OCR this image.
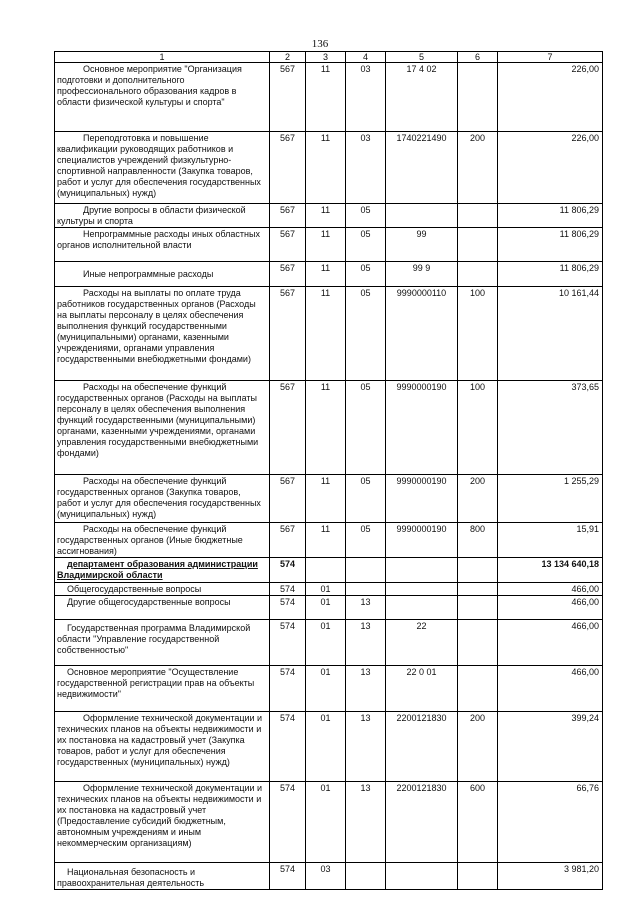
136
1	2	3	4	5	6	7
Основное мероприятие "Организация подготовки и дополнительного профессионального образования кадров в области физической культуры и спорта"	567	11	03	17 4 02		226,00
Переподготовка и повышение квалификации руководящих работников и специалистов учреждений физкультурно-спортивной направленности (Закупка товаров, работ и услуг для обеспечения государственных (муниципальных) нужд)	567	11	03	1740221490	200	226,00
Другие вопросы в области физической культуры и спорта	567	11	05			11 806,29
Непрограммные расходы иных областных органов исполнительной власти	567	11	05	99		11 806,29
Иные непрограммные расходы	567	11	05	99 9		11 806,29
Расходы на выплаты по оплате труда работников государственных органов (Расходы на выплаты персоналу в целях обеспечения выполнения функций государственными (муниципальными) органами, казенными учреждениями, органами управления государственными внебюджетными фондами)	567	11	05	9990000110	100	10 161,44
Расходы на обеспечение функций государственных органов (Расходы на выплаты персоналу в целях обеспечения выполнения функций государственными (муниципальными) органами, казенными учреждениями, органами управления государственными внебюджетными фондами)	567	11	05	9990000190	100	373,65
Расходы на обеспечение функций государственных органов (Закупка товаров, работ и услуг для обеспечения государственных (муниципальных) нужд)	567	11	05	9990000190	200	1 255,29
Расходы на обеспечение функций государственных органов (Иные бюджетные ассигнования)	567	11	05	9990000190	800	15,91
департамент образования администрации Владимирской области	574					13 134 640,18
Общегосударственные вопросы	574	01				466,00
Другие общегосударственные вопросы	574	01	13			466,00
Государственная программа Владимирской области "Управление государственной собственностью"	574	01	13	22		466,00
Основное мероприятие "Осуществление государственной регистрации прав на объекты недвижимости"	574	01	13	22 0 01		466,00
Оформление технической документации и технических планов на объекты недвижимости и их постановка на кадастровый учет (Закупка товаров, работ и услуг для обеспечения государственных (муниципальных) нужд)	574	01	13	2200121830	200	399,24
Оформление технической документации и технических планов на объекты недвижимости и их постановка на кадастровый учет (Предоставление субсидий бюджетным, автономным учреждениям и иным некоммерческим организациям)	574	01	13	2200121830	600	66,76
Национальная безопасность и правоохранительная деятельность	574	03				3 981,20
